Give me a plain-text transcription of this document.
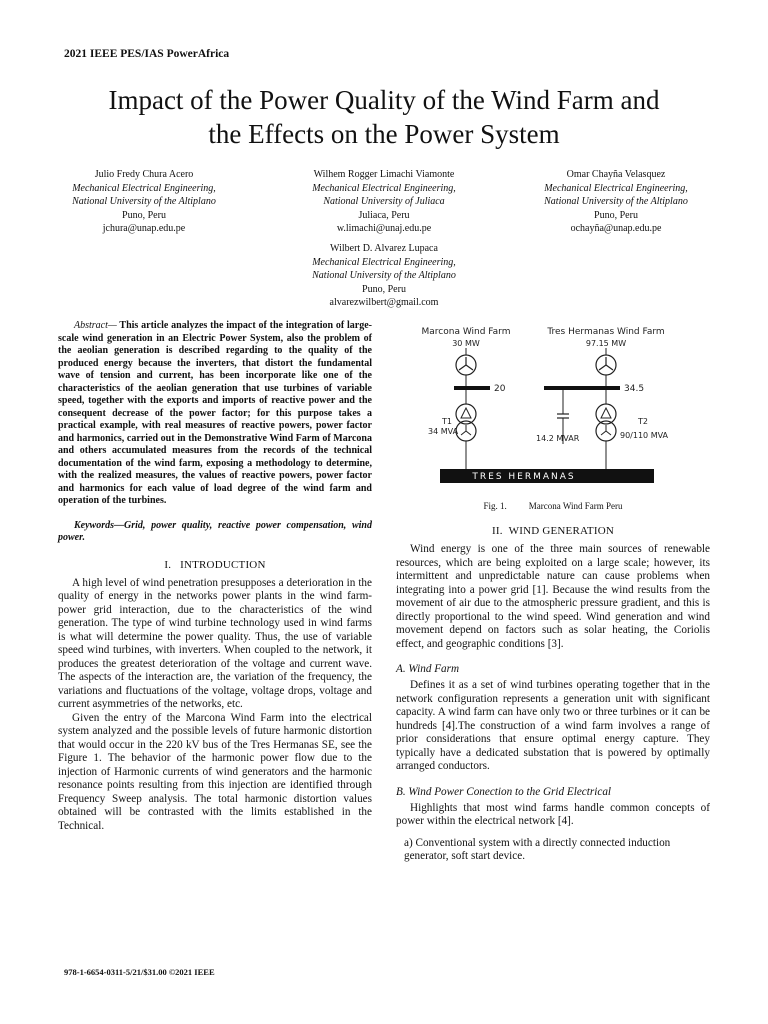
2021 IEEE PES/IAS PowerAfrica
Impact of the Power Quality of the Wind Farm and
the Effects on the Power System
Julio Fredy Chura Acero
Mechanical Electrical Engineering,
National University of the Altiplano
Puno, Peru
jchura@unap.edu.pe
Wilhem Rogger Limachi Viamonte
Mechanical Electrical Engineering,
National University of Juliaca
Juliaca, Peru
w.limachi@unaj.edu.pe
Omar Chayña Velasquez
Mechanical Electrical Engineering,
National University of the Altiplano
Puno, Peru
ochayña@unap.edu.pe
Wilbert D. Alvarez Lupaca
Mechanical Electrical Engineering,
National University of the Altiplano
Puno, Peru
alvarezwilbert@gmail.com

Abstract— This article analyzes the impact of the integration of large-scale wind generation in an Electric Power System, also the problem of the aeolian generation is described regarding to the quality of the produced energy because the inverters, that distort the fundamental wave of tension and current, has been incorporate like one of the characteristics of the aeolian generation that use turbines of variable speed, together with the exports and imports of reactive power and the consequent decrease of the power factor; for this purpose takes a practical example, with real measures of reactive powers, power factor and harmonics, carried out in the Demonstrative Wind Farm of Marcona and others accumulated measures from the records of the technical documentation of the wind farm, exposing a methodology to determine, with the realized measures, the values of reactive powers, power factor and harmonics for each value of load degree of the wind farm and operation of the turbines.

Keywords—Grid, power quality, reactive power compensation, wind power.

I. INTRODUCTION

A high level of wind penetration presupposes a deterioration in the quality of energy in the networks power plants in the wind farm-power grid interaction, due to the characteristics of the wind generation. The type of wind turbine technology used in wind farms is what will determine the power quality. Thus, the use of variable speed wind turbines, with inverters. When coupled to the network, it produces the greatest deterioration of the voltage and current wave. The aspects of the interaction are, the variation of the frequency, the variations and fluctuations of the voltage, voltage drops, voltage and current asymmetries of the networks, etc.

Given the entry of the Marcona Wind Farm into the electrical system analyzed and the possible levels of future harmonic distortion that would occur in the 220 kV bus of the Tres Hermanas SE, see the Figure 1. The behavior of the harmonic power flow due to the injection of Harmonic currents of wind generators and the harmonic resonance points resulting from this injection are identified through Frequency Sweep analysis. The total harmonic distortion values obtained will be contrasted with the limits established in the Technical.

Marcona Wind Farm
30 MW
Tres Hermanas Wind Farm
97.15 MW
20	34.5
14.2 MVAR
T1
34 MVA
T2
90/110 MVA
TRES HERMANAS
Fig. 1. Marcona Wind Farm Peru
II. WIND GENERATION

Wind energy is one of the three main sources of renewable resources, which are being exploited on a large scale; however, its intermittent and unpredictable nature can cause problems when integrating into a power grid [1]. Because the wind results from the movement of air due to the atmospheric pressure gradient, and this is directly proportional to the wind speed. Wind generation and wind movement depend on factors such as solar heating, the Coriolis effect, and geographic conditions [3].

A. Wind Farm

Defines it as a set of wind turbines operating together that in the network configuration represents a generation unit with significant capacity. A wind farm can have only two or three turbines or it can be hundreds [4].The construction of a wind farm involves a range of prior considerations that ensure optimal energy capture. They typically have a dedicated substation that is powered by optimally arranged conductors.

B. Wind Power Conection to the Grid Electrical

Highlights that most wind farms handle common concepts of power within the electrical network [4].

a) Conventional system with a directly connected induction generator, soft start device.
978-1-6654-0311-5/21/$31.00 ©2021 IEEE
